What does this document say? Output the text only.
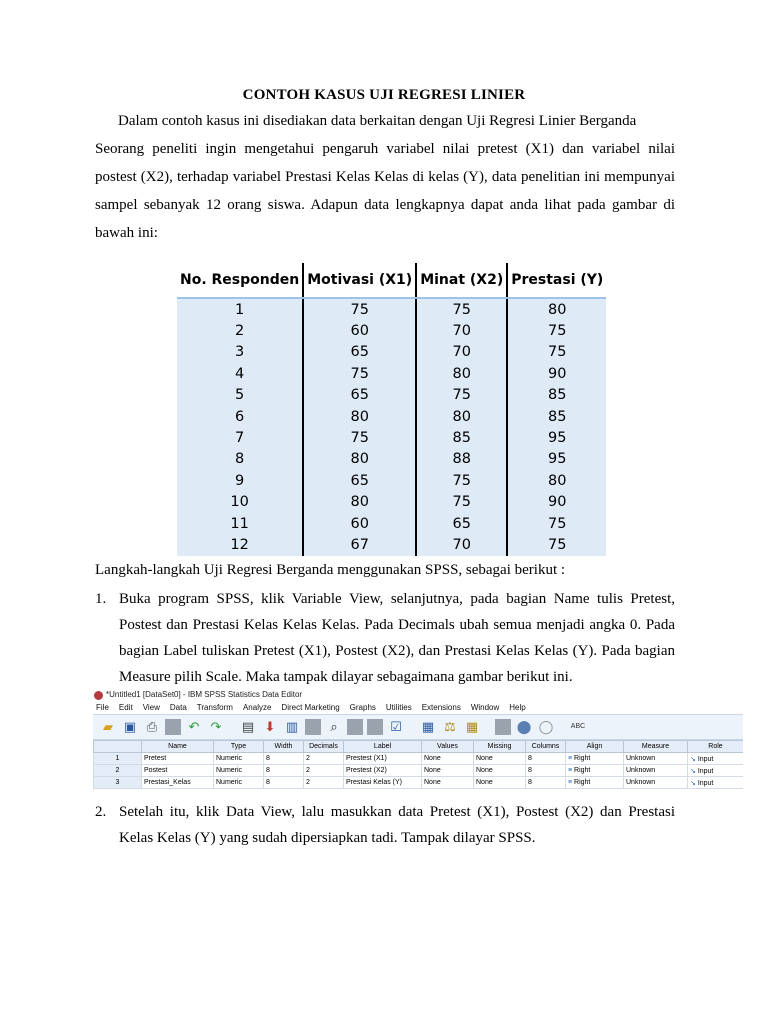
CONTOH KASUS UJI REGRESI LINIER
Dalam contoh kasus ini disediakan data berkaitan dengan Uji Regresi Linier Berganda
Seorang peneliti ingin mengetahui pengaruh variabel nilai pretest (X1) dan variabel nilai
postest (X2), terhadap variabel Prestasi Kelas Kelas di kelas (Y), data penelitian ini mempunyai
sampel sebanyak 12 orang siswa. Adapun data lengkapnya dapat anda lihat pada gambar di
bawah ini:
No. Responden	Motivasi (X1)	Minat (X2)	Prestasi (Y)
1	75	75	80
2	60	70	75
3	65	70	75
4	75	80	90
5	65	75	85
6	80	80	85
7	75	85	95
8	80	88	95
9	65	75	80
10	80	75	90
11	60	65	75
12	67	70	75
Langkah-langkah Uji Regresi Berganda menggunakan SPSS, sebagai berikut :
1. Buka program SPSS, klik Variable View, selanjutnya, pada bagian Name tulis Pretest,
Postest dan Prestasi Kelas Kelas Kelas. Pada Decimals ubah semua menjadi angka 0. Pada
bagian Label tuliskan Pretest (X1), Postest (X2), dan Prestasi Kelas Kelas (Y). Pada bagian
Measure pilih Scale. Maka tampak dilayar sebagaimana gambar berikut ini.
*Untitled1 [DataSet0] - IBM SPSS Statistics Data Editor
File Edit View Data Transform Analyze Direct Marketing Graphs Utilities Extensions Window Help
▰ ▣ ⎙ ↶ ↷ ▤ ⬇ ▥	⌕	☑ ▦ ⚖ ▦	⬤ ◯	ABC
	Name	Type	Width	Decimals	Label	Values	Missing	Columns	Align	Measure	Role
1	Pretest	Numeric	8	2	Prestest (X1)	None	None	8	≡ Right	Unknown	↘ Input
2	Postest	Numeric	8	2	Prestest (X2)	None	None	8	≡ Right	Unknown	↘ Input
3	Prestasi_Kelas	Numeric	8	2	Prestasi Kelas (Y)	None	None	8	≡ Right	Unknown	↘ Input
2. Setelah itu, klik Data View, lalu masukkan data Pretest (X1), Postest (X2) dan Prestasi
Kelas Kelas (Y) yang sudah dipersiapkan tadi. Tampak dilayar SPSS.
